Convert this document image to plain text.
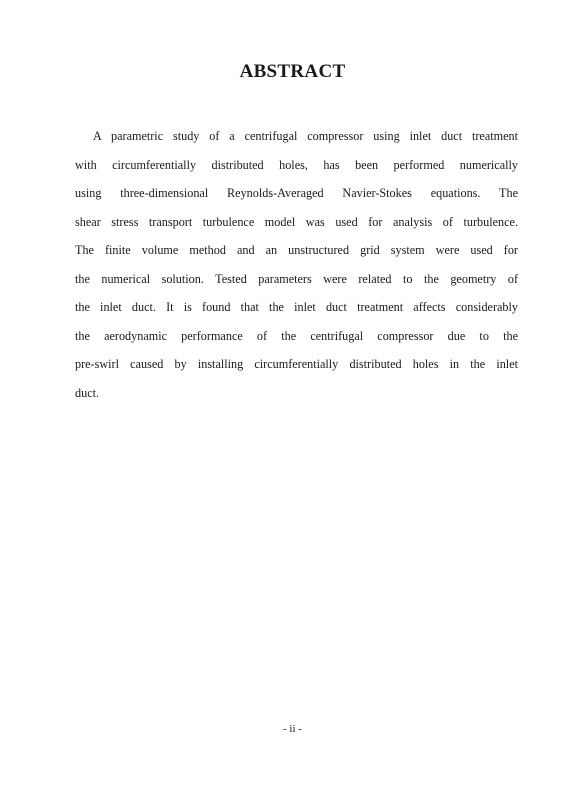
ABSTRACT
A parametric study of a centrifugal compressor using inlet duct treatment
with circumferentially distributed holes, has been performed numerically
using three-dimensional Reynolds-Averaged Navier-Stokes equations. The
shear stress transport turbulence model was used for analysis of turbulence.
The finite volume method and an unstructured grid system were used for
the numerical solution. Tested parameters were related to the geometry of
the inlet duct. It is found that the inlet duct treatment affects considerably
the aerodynamic performance of the centrifugal compressor due to the
pre-swirl caused by installing circumferentially distributed holes in the inlet
duct.
- ii -
